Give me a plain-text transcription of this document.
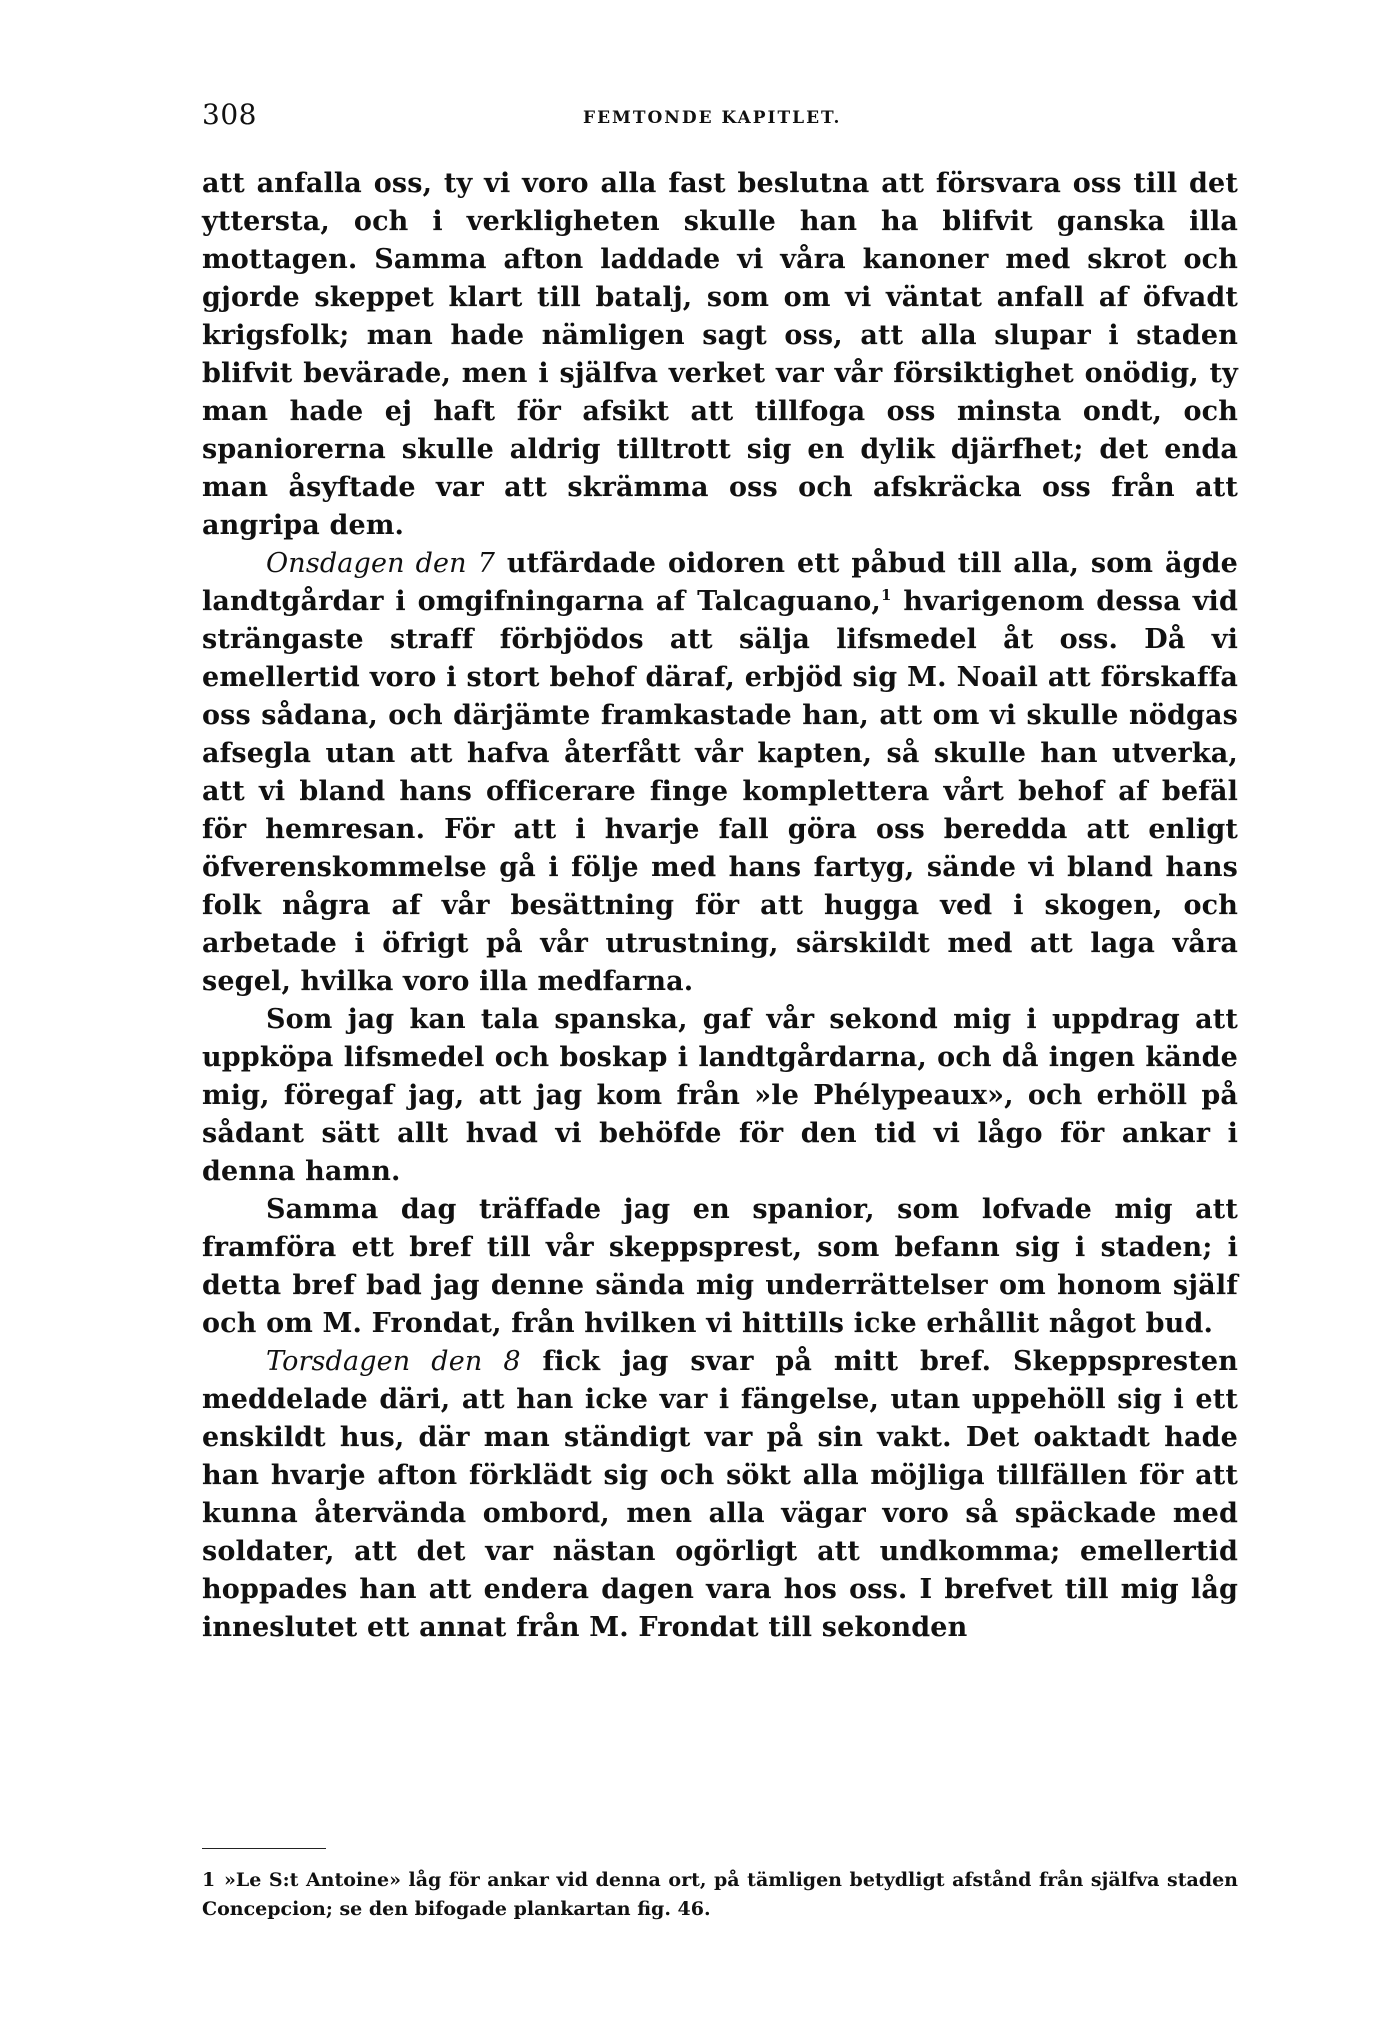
308	FEMTONDE KAPITLET.

att anfalla oss, ty vi voro alla fast beslutna att försvara oss till det yttersta, och i verkligheten skulle han ha blifvit ganska illa mottagen. Samma afton laddade vi våra kanoner med skrot och gjorde skeppet klart till batalj, som om vi väntat anfall af öfvadt krigsfolk; man hade nämligen sagt oss, att alla slupar i staden blifvit bevärade, men i själfva verket var vår försiktighet onödig, ty man hade ej haft för afsikt att tillfoga oss minsta ondt, och spaniorerna skulle aldrig tilltrott sig en dylik djärfhet; det enda man åsyftade var att skrämma oss och afskräcka oss från att angripa dem.

Onsdagen den 7 utfärdade oidoren ett påbud till alla, som ägde landtgårdar i omgifningarna af Talcaguano,$^1$ hvarigenom dessa vid strängaste straff förbjödos att sälja lifsmedel åt oss. Då vi emellertid voro i stort behof däraf, erbjöd sig M. Noail att förskaffa oss sådana, och därjämte framkastade han, att om vi skulle nödgas afsegla utan att hafva återfått vår kapten, så skulle han utverka, att vi bland hans officerare finge komplettera vårt behof af befäl för hemresan. För att i hvarje fall göra oss beredda att enligt öfverenskommelse gå i följe med hans fartyg, sände vi bland hans folk några af vår besättning för att hugga ved i skogen, och arbetade i öfrigt på vår utrustning, särskildt med att laga våra segel, hvilka voro illa medfarna.

Som jag kan tala spanska, gaf vår sekond mig i uppdrag att uppköpa lifsmedel och boskap i landtgårdarna, och då ingen kände mig, föregaf jag, att jag kom från »le Phélypeaux», och erhöll på sådant sätt allt hvad vi behöfde för den tid vi lågo för ankar i denna hamn.

Samma dag träffade jag en spanior, som lofvade mig att framföra ett bref till vår skeppsprest, som befann sig i staden; i detta bref bad jag denne sända mig underrättelser om honom själf och om M. Frondat, från hvilken vi hittills icke erhållit något bud.

Torsdagen den 8 fick jag svar på mitt bref. Skeppspresten meddelade däri, att han icke var i fängelse, utan uppehöll sig i ett enskildt hus, där man ständigt var på sin vakt. Det oaktadt hade han hvarje afton förklädt sig och sökt alla möjliga tillfällen för att kunna återvända ombord, men alla vägar voro så späckade med soldater, att det var nästan ogörligt att undkomma; emellertid hoppades han att endera dagen vara hos oss. I brefvet till mig låg inneslutet ett annat från M. Frondat till sekonden

1 »Le S:t Antoine» låg för ankar vid denna ort, på tämligen betydligt afstånd från själfva staden Concepcion; se den bifogade plankartan fig. 46.
